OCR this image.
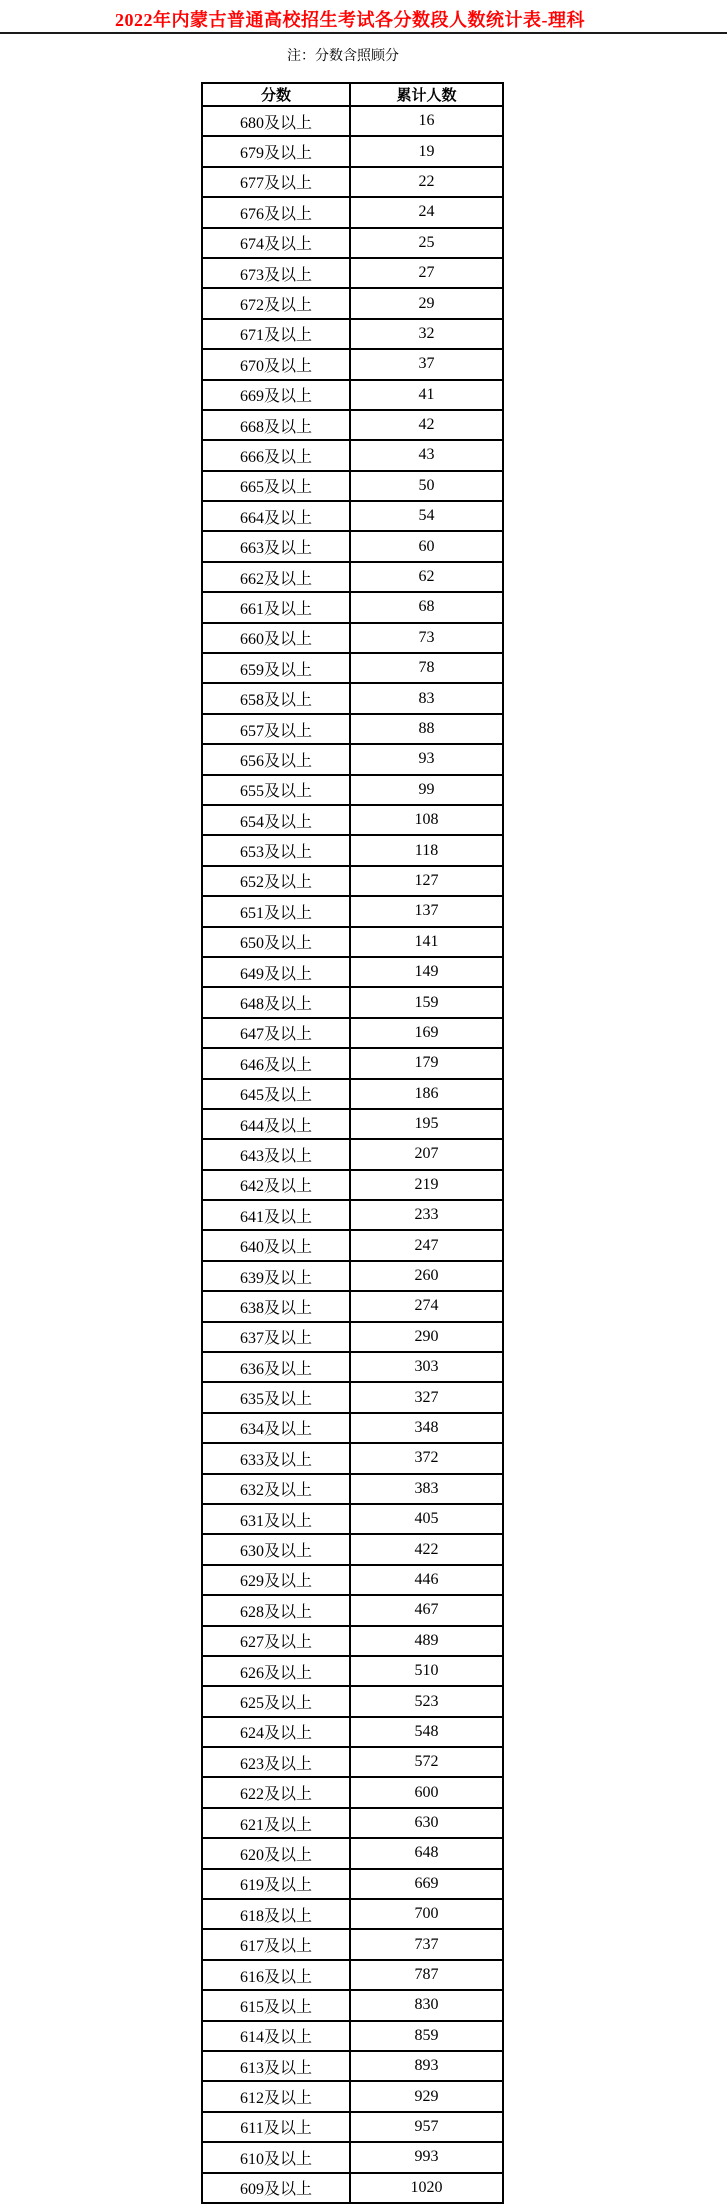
2022年内蒙古普通高校招生考试各分数段人数统计表-理科
注：分数含照顾分
分数	累计人数
680及以上	16
679及以上	19
677及以上	22
676及以上	24
674及以上	25
673及以上	27
672及以上	29
671及以上	32
670及以上	37
669及以上	41
668及以上	42
666及以上	43
665及以上	50
664及以上	54
663及以上	60
662及以上	62
661及以上	68
660及以上	73
659及以上	78
658及以上	83
657及以上	88
656及以上	93
655及以上	99
654及以上	108
653及以上	118
652及以上	127
651及以上	137
650及以上	141
649及以上	149
648及以上	159
647及以上	169
646及以上	179
645及以上	186
644及以上	195
643及以上	207
642及以上	219
641及以上	233
640及以上	247
639及以上	260
638及以上	274
637及以上	290
636及以上	303
635及以上	327
634及以上	348
633及以上	372
632及以上	383
631及以上	405
630及以上	422
629及以上	446
628及以上	467
627及以上	489
626及以上	510
625及以上	523
624及以上	548
623及以上	572
622及以上	600
621及以上	630
620及以上	648
619及以上	669
618及以上	700
617及以上	737
616及以上	787
615及以上	830
614及以上	859
613及以上	893
612及以上	929
611及以上	957
610及以上	993
609及以上	1020
